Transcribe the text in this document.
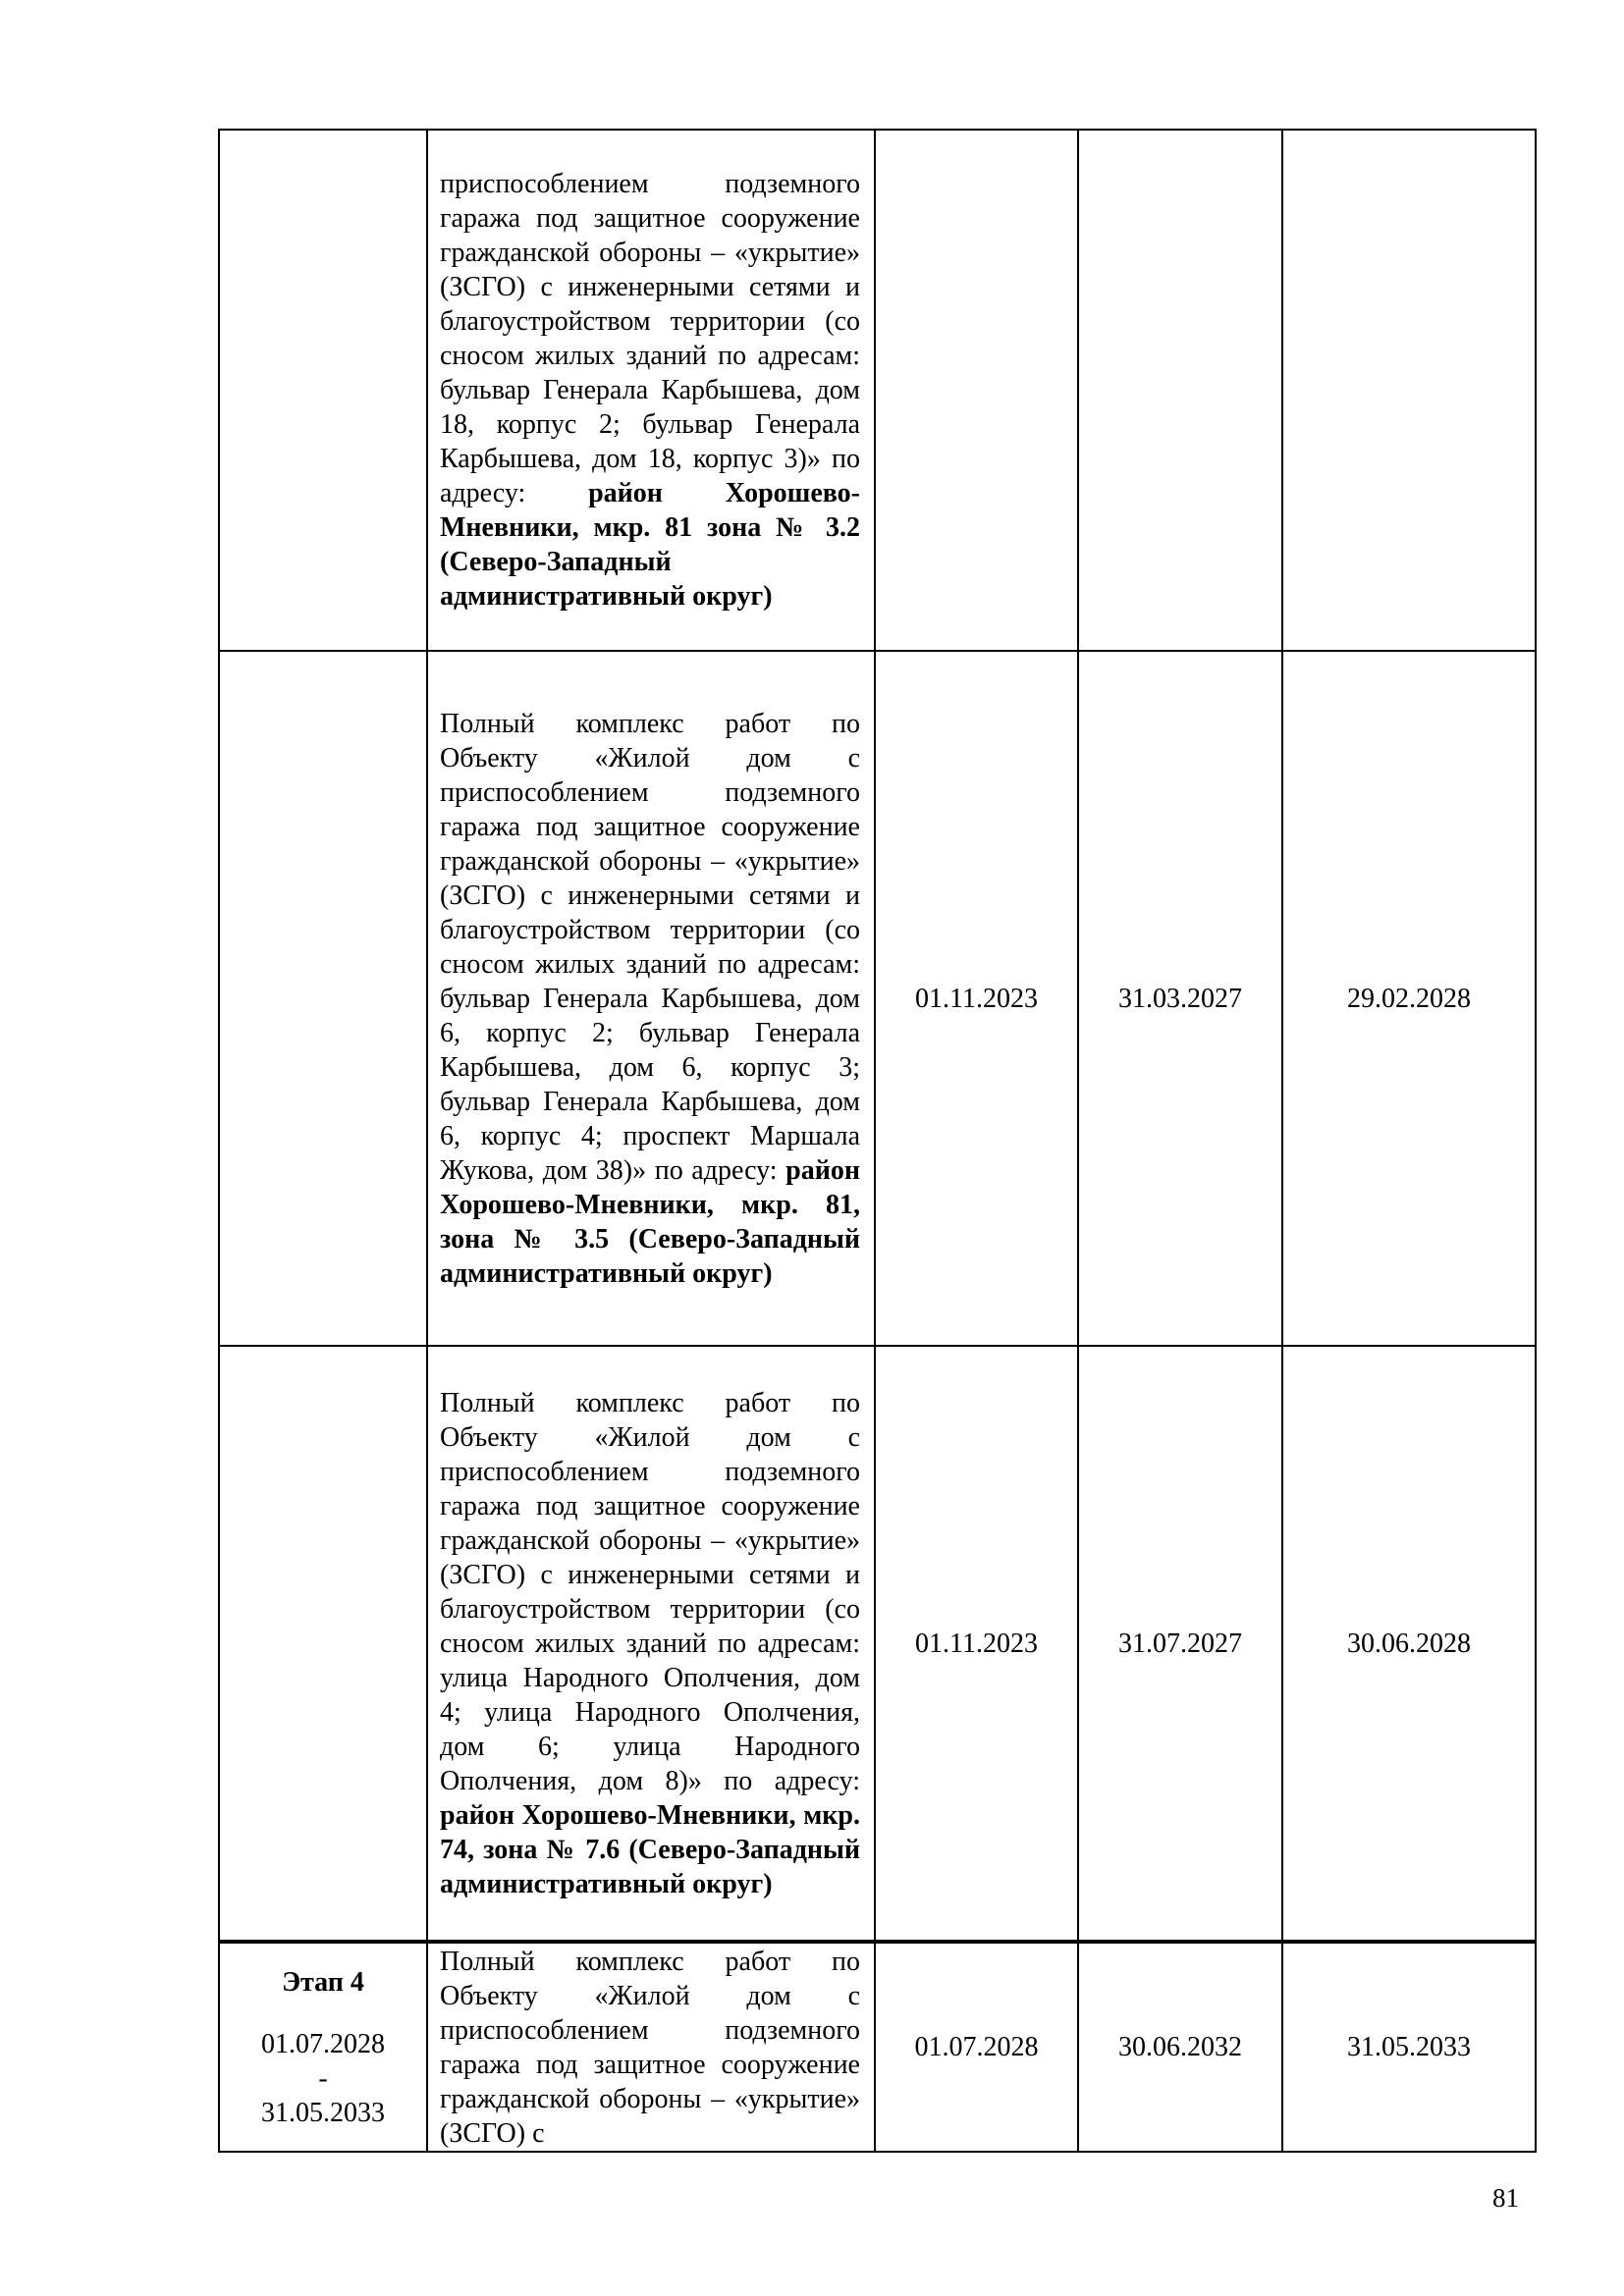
	приспособлением подземного гаража под защитное сооружение гражданской обороны – «укрытие» (ЗСГО) с инженерными сетями и благоустройством территории (со сносом жилых зданий по адресам: бульвар Генерала Карбышева, дом 18, корпус 2; бульвар Генерала Карбышева, дом 18, корпус 3)» по адресу: район Хорошево-Мневники, мкр. 81 зона № 3.2 (Северо-Западный административный округ)			
	Полный комплекс работ по Объекту «Жилой дом с приспособлением подземного гаража под защитное сооружение гражданской обороны – «укрытие» (ЗСГО) с инженерными сетями и благоустройством территории (со сносом жилых зданий по адресам: бульвар Генерала Карбышева, дом 6, корпус 2; бульвар Генерала Карбышева, дом 6, корпус 3; бульвар Генерала Карбышева, дом 6, корпус 4; проспект Маршала Жукова, дом 38)» по адресу: район Хорошево-Мневники, мкр. 81, зона № 3.5 (Северо-Западный административный округ)	01.11.2023	31.03.2027	29.02.2028
	Полный комплекс работ по Объекту «Жилой дом с приспособлением подземного гаража под защитное сооружение гражданской обороны – «укрытие» (ЗСГО) с инженерными сетями и благоустройством территории (со сносом жилых зданий по адресам: улица Народного Ополчения, дом 4; улица Народного Ополчения, дом 6; улица Народного Ополчения, дом 8)» по адресу: район Хорошево-Мневники, мкр. 74, зона № 7.6 (Северо-Западный административный округ)	01.11.2023	31.07.2027	30.06.2028

Этап 4
01.07.2028
-
31.05.2033	Полный комплекс работ по Объекту «Жилой дом с приспособлением подземного гаража под защитное сооружение гражданской обороны – «укрытие» (ЗСГО) с	01.07.2028	30.06.2032	31.05.2033
81
